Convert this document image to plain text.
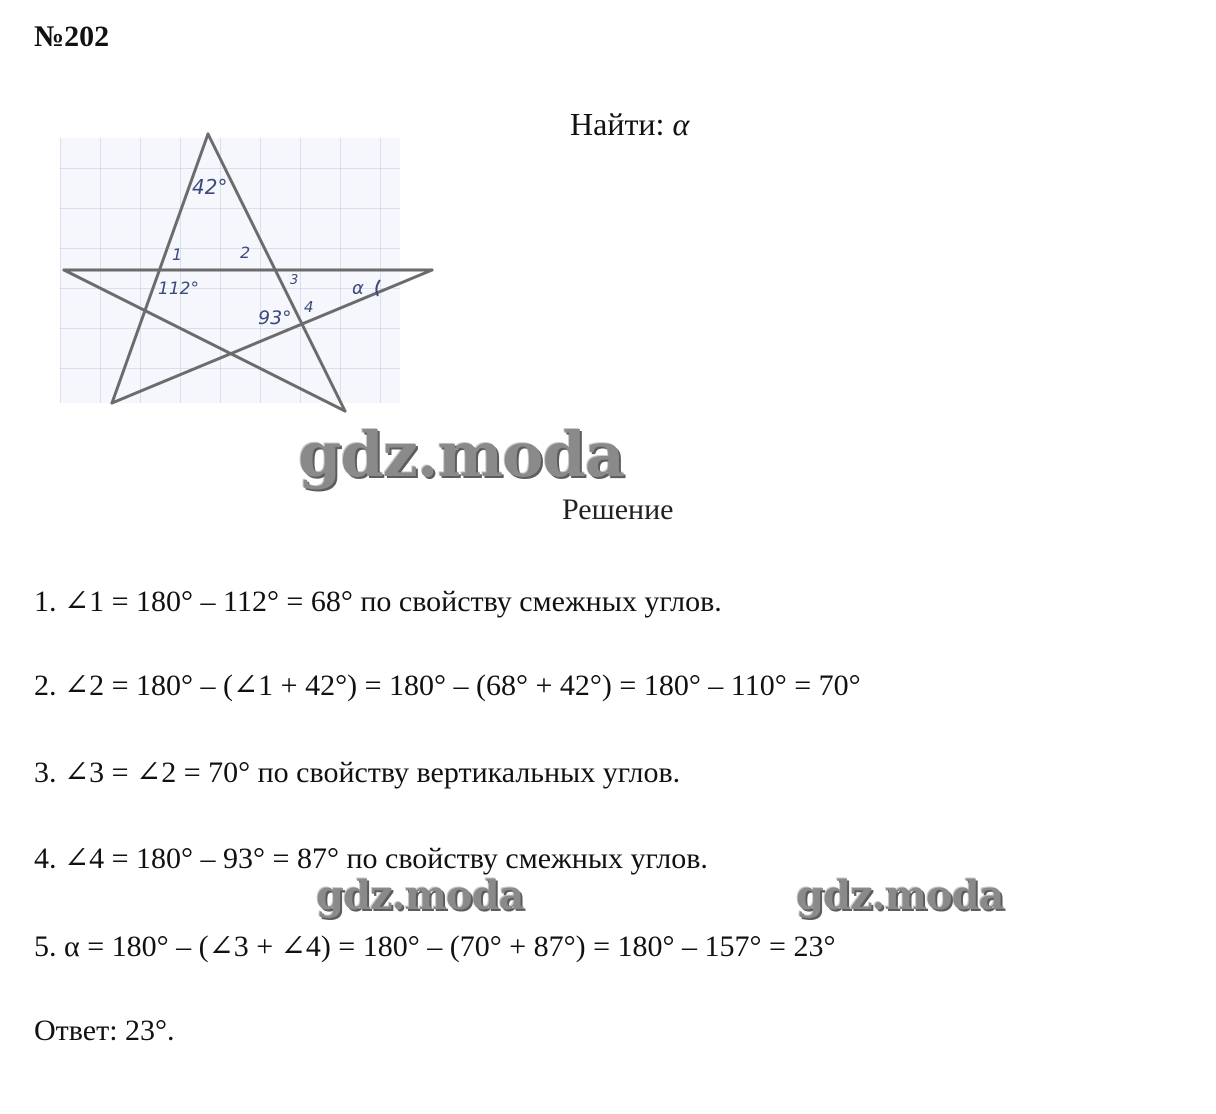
№202
Найти: α
42°
1	2
112°	3
4
93°
α
gdz.moda
Решение
1. ∠1 = 180° – 112° = 68° по свойству смежных углов.
2. ∠2 = 180° – (∠1 + 42°) = 180° – (68° + 42°) = 180° – 110° = 70°
3. ∠3 = ∠2 = 70° по свойству вертикальных углов.
4. ∠4 = 180° – 93° = 87° по свойству смежных углов.
gdz.moda	gdz.moda
5. α = 180° – (∠3 + ∠4) = 180° – (70° + 87°) = 180° – 157° = 23°
Ответ: 23°.
